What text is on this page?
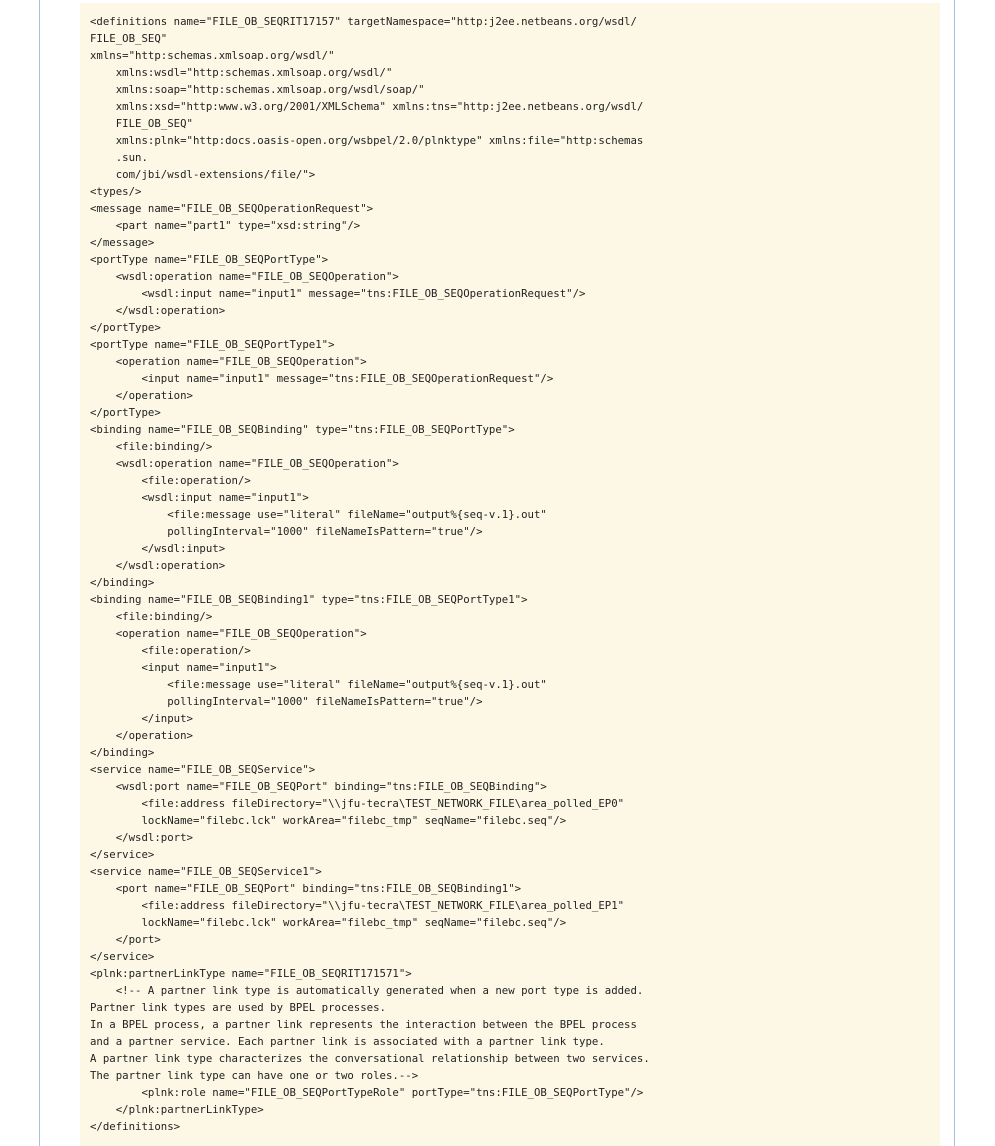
<definitions name="FILE_OB_SEQRIT17157" targetNamespace="http:j2ee.netbeans.org/wsdl/
FILE_OB_SEQ"
xmlns="http:schemas.xmlsoap.org/wsdl/"
xmlns:wsdl="http:schemas.xmlsoap.org/wsdl/"
xmlns:soap="http:schemas.xmlsoap.org/wsdl/soap/"
xmlns:xsd="http:www.w3.org/2001/XMLSchema" xmlns:tns="http:j2ee.netbeans.org/wsdl/
FILE_OB_SEQ"
xmlns:plnk="http:docs.oasis-open.org/wsbpel/2.0/plnktype" xmlns:file="http:schemas
.sun.
com/jbi/wsdl-extensions/file/">
<types/>
<message name="FILE_OB_SEQOperationRequest">
<part name="part1" type="xsd:string"/>
</message>
<portType name="FILE_OB_SEQPortType">
<wsdl:operation name="FILE_OB_SEQOperation">
<wsdl:input name="input1" message="tns:FILE_OB_SEQOperationRequest"/>
</wsdl:operation>
</portType>
<portType name="FILE_OB_SEQPortType1">
<operation name="FILE_OB_SEQOperation">
<input name="input1" message="tns:FILE_OB_SEQOperationRequest"/>
</operation>
</portType>
<binding name="FILE_OB_SEQBinding" type="tns:FILE_OB_SEQPortType">
<file:binding/>
<wsdl:operation name="FILE_OB_SEQOperation">
<file:operation/>
<wsdl:input name="input1">
<file:message use="literal" fileName="output%{seq-v.1}.out"
pollingInterval="1000" fileNameIsPattern="true"/>
</wsdl:input>
</wsdl:operation>
</binding>
<binding name="FILE_OB_SEQBinding1" type="tns:FILE_OB_SEQPortType1">
<file:binding/>
<operation name="FILE_OB_SEQOperation">
<file:operation/>
<input name="input1">
<file:message use="literal" fileName="output%{seq-v.1}.out"
pollingInterval="1000" fileNameIsPattern="true"/>
</input>
</operation>
</binding>
<service name="FILE_OB_SEQService">
<wsdl:port name="FILE_OB_SEQPort" binding="tns:FILE_OB_SEQBinding">
<file:address fileDirectory="\\jfu-tecra\TEST_NETWORK_FILE\area_polled_EP0"
lockName="filebc.lck" workArea="filebc_tmp" seqName="filebc.seq"/>
</wsdl:port>
</service>
<service name="FILE_OB_SEQService1">
<port name="FILE_OB_SEQPort" binding="tns:FILE_OB_SEQBinding1">
<file:address fileDirectory="\\jfu-tecra\TEST_NETWORK_FILE\area_polled_EP1"
lockName="filebc.lck" workArea="filebc_tmp" seqName="filebc.seq"/>
</port>
</service>
<plnk:partnerLinkType name="FILE_OB_SEQRIT171571">
<!-- A partner link type is automatically generated when a new port type is added.
Partner link types are used by BPEL processes.
In a BPEL process, a partner link represents the interaction between the BPEL process
and a partner service. Each partner link is associated with a partner link type.
A partner link type characterizes the conversational relationship between two services.
The partner link type can have one or two roles.-->
<plnk:role name="FILE_OB_SEQPortTypeRole" portType="tns:FILE_OB_SEQPortType"/>
</plnk:partnerLinkType>
</definitions>
